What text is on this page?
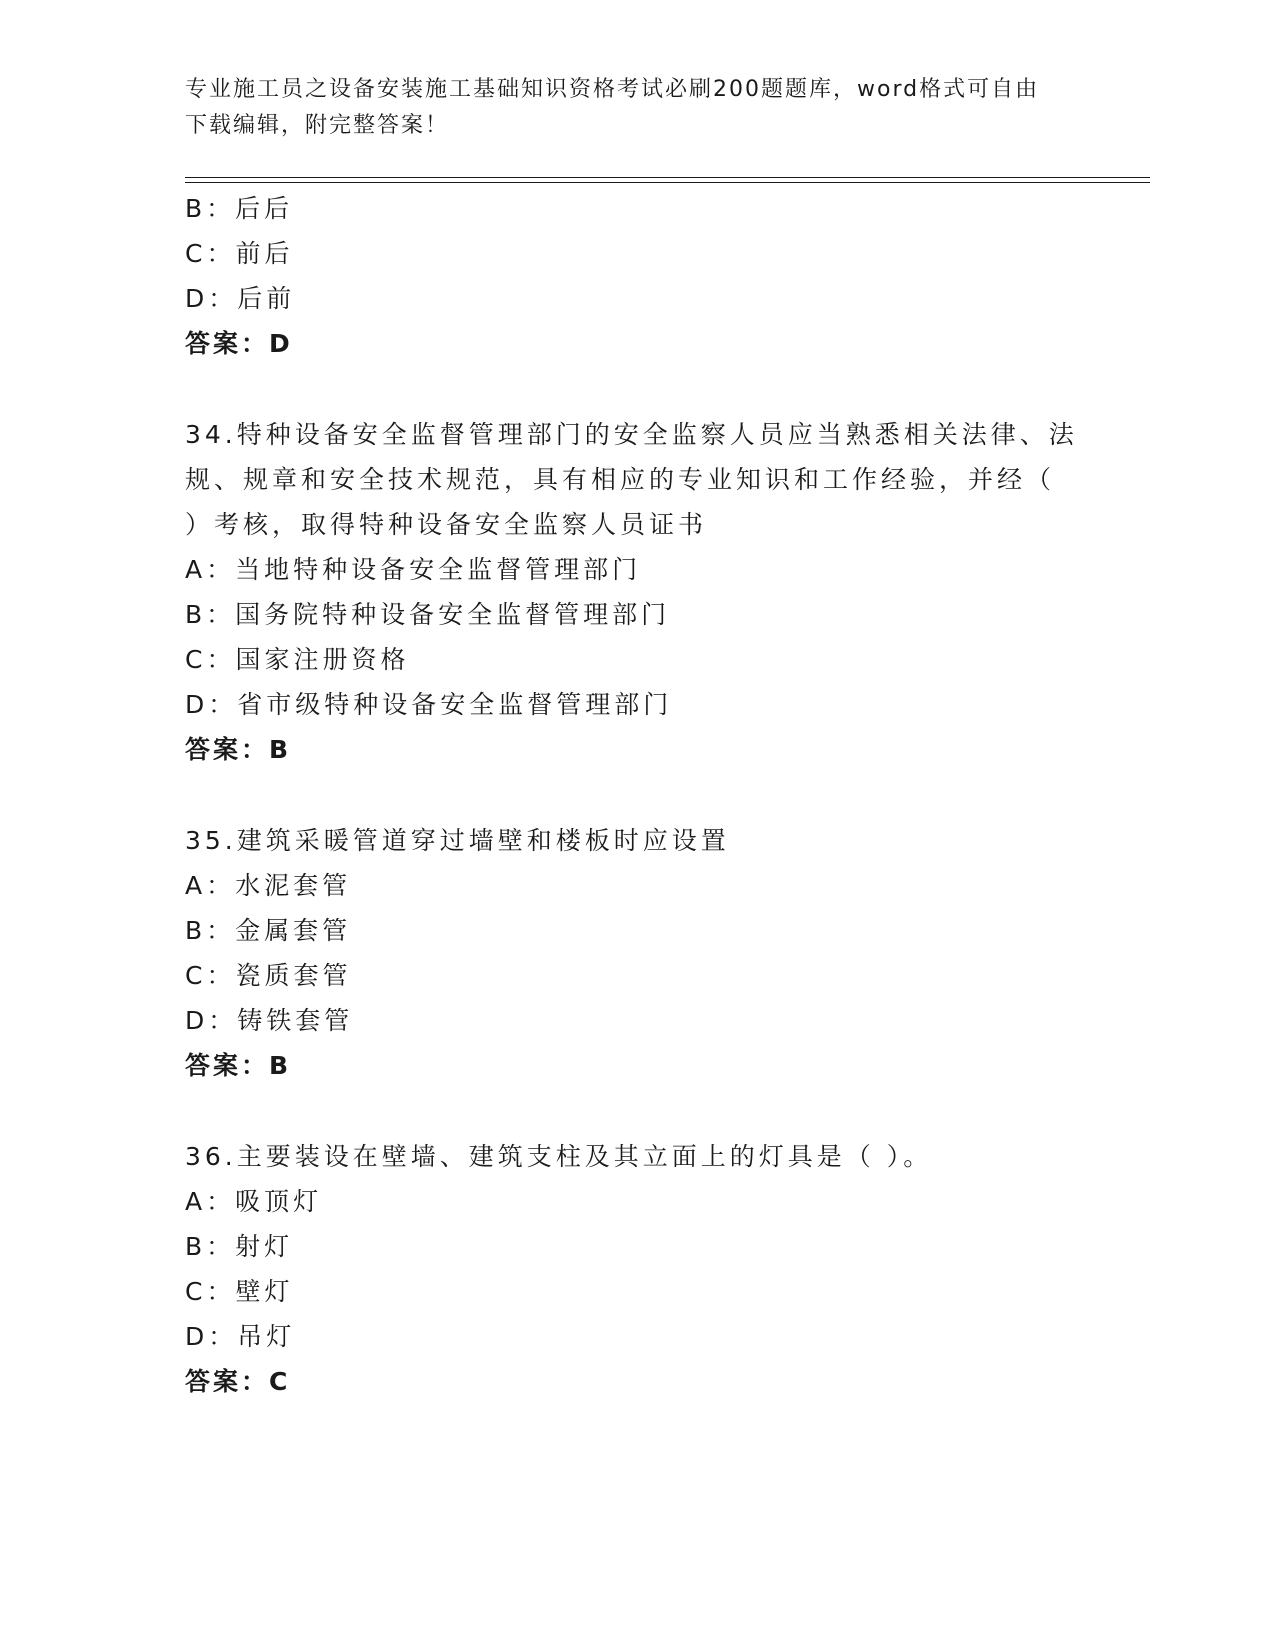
专业施工员之设备安装施工基础知识资格考试必刷200题题库，word格式可自由
下载编辑，附完整答案！
B：后后
C：前后
D：后前
答案：D
34.特种设备安全监督管理部门的安全监察人员应当熟悉相关法律、法
规、规章和安全技术规范，具有相应的专业知识和工作经验，并经（
）考核，取得特种设备安全监察人员证书
A：当地特种设备安全监督管理部门
B：国务院特种设备安全监督管理部门
C：国家注册资格
D：省市级特种设备安全监督管理部门
答案：B
35.建筑采暖管道穿过墙壁和楼板时应设置
A：水泥套管
B：金属套管
C：瓷质套管
D：铸铁套管
答案：B
36.主要装设在壁墙、建筑支柱及其立面上的灯具是（ ）。
A：吸顶灯
B：射灯
C：壁灯
D：吊灯
答案：C
